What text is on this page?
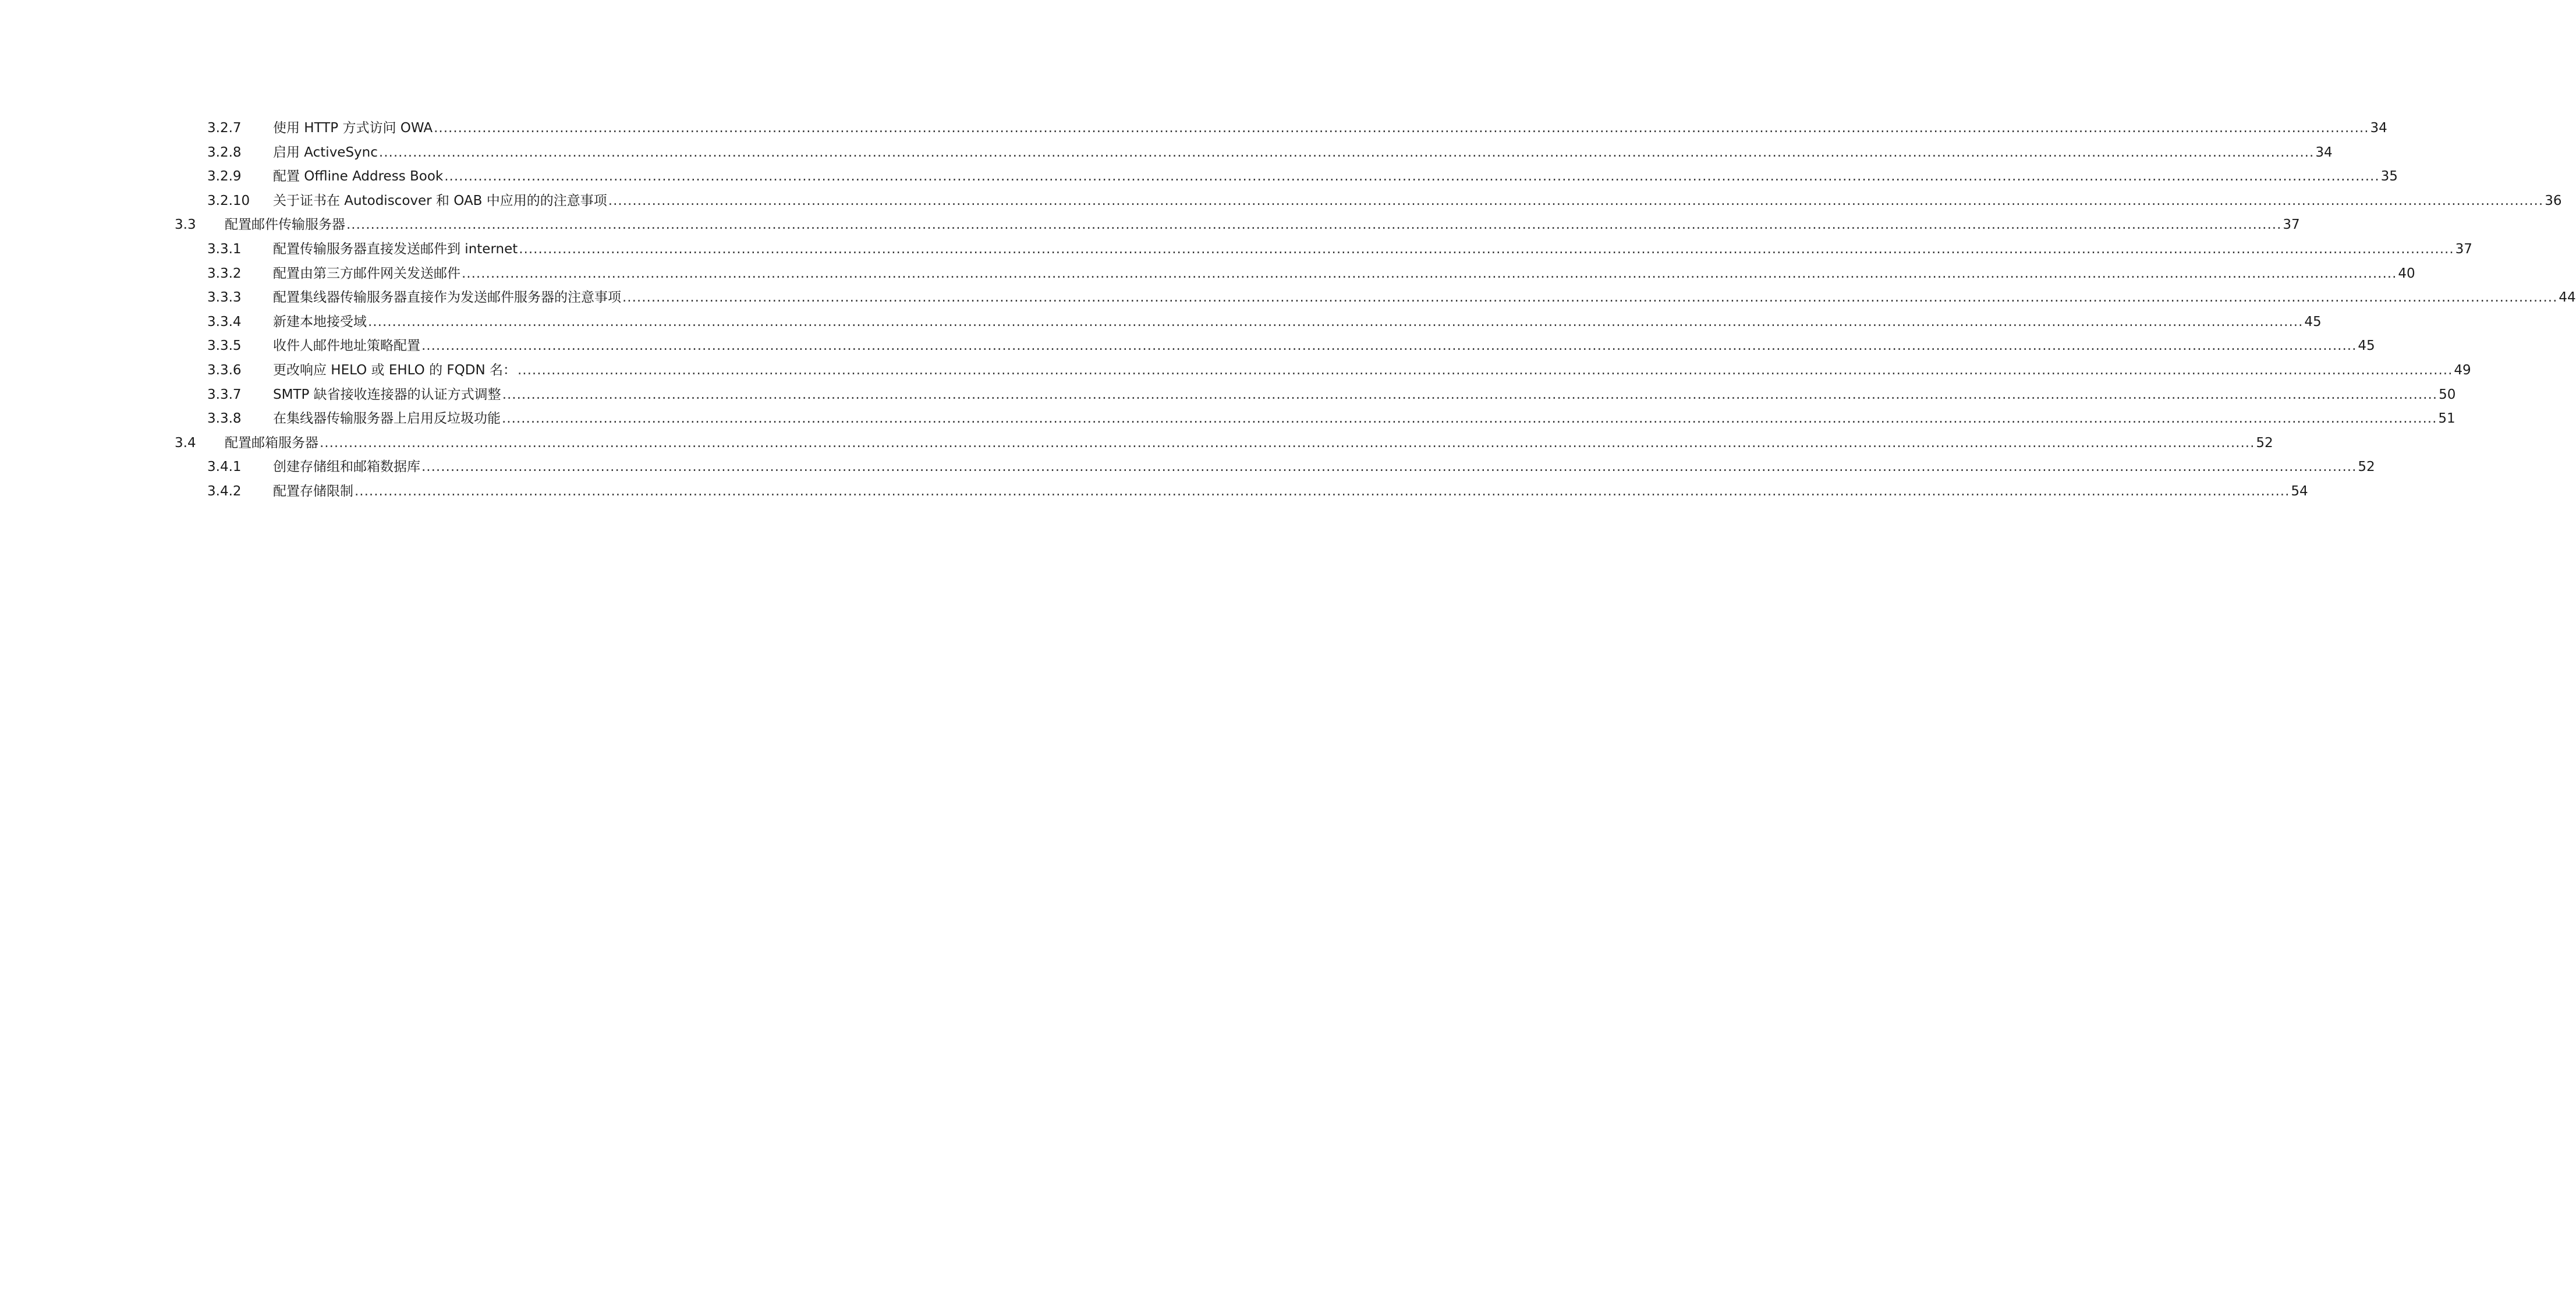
3.2.7 使用 HTTP 方式访问 OWA ................................................................................................................................................................................................................................................................................................................................................................................................................ 34
3.2.8 启用 ActiveSync ................................................................................................................................................................................................................................................................................................................................................................................................................ 34
3.2.9 配置 Offline Address Book ................................................................................................................................................................................................................................................................................................................................................................................................................ 35
3.2.10 关于证书在 Autodiscover 和 OAB 中应用的的注意事项 ................................................................................................................................................................................................................................................................................................................................................................................................................ 36
3.3 配置邮件传输服务器 ................................................................................................................................................................................................................................................................................................................................................................................................................ 37
3.3.1 配置传输服务器直接发送邮件到 internet ................................................................................................................................................................................................................................................................................................................................................................................................................ 37
3.3.2 配置由第三方邮件网关发送邮件 ................................................................................................................................................................................................................................................................................................................................................................................................................ 40
3.3.3 配置集线器传输服务器直接作为发送邮件服务器的注意事项 ................................................................................................................................................................................................................................................................................................................................................................................................................ 44
3.3.4 新建本地接受域 ................................................................................................................................................................................................................................................................................................................................................................................................................ 45
3.3.5 收件人邮件地址策略配置 ................................................................................................................................................................................................................................................................................................................................................................................................................ 45
3.3.6 更改响应 HELO 或 EHLO 的 FQDN 名： ................................................................................................................................................................................................................................................................................................................................................................................................................ 49
3.3.7 SMTP 缺省接收连接器的认证方式调整 ................................................................................................................................................................................................................................................................................................................................................................................................................ 50
3.3.8 在集线器传输服务器上启用反垃圾功能 ................................................................................................................................................................................................................................................................................................................................................................................................................ 51
3.4 配置邮箱服务器 ................................................................................................................................................................................................................................................................................................................................................................................................................ 52
3.4.1 创建存储组和邮箱数据库 ................................................................................................................................................................................................................................................................................................................................................................................................................ 52
3.4.2 配置存储限制 ................................................................................................................................................................................................................................................................................................................................................................................................................ 54
